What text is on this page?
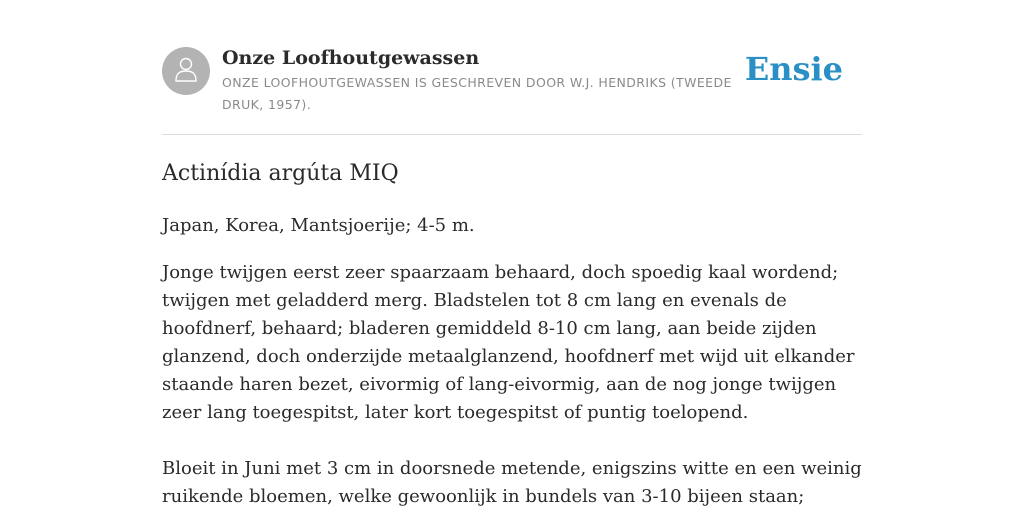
Onze Loofhoutgewassen

ONZE LOOFHOUTGEWASSEN IS GESCHREVEN DOOR W.J. HENDRIKS (TWEEDE DRUK, 1957).

Ensie
Actinídia argúta MIQ

Japan, Korea, Mantsjoerije; 4-5 m.

Jonge twijgen eerst zeer spaarzaam behaard, doch spoedig kaal wordend; twijgen met geladderd merg. Bladstelen tot 8 cm lang en evenals de hoofdnerf, behaard; bladeren gemiddeld 8-10 cm lang, aan beide zijden glanzend, doch onderzijde metaalglanzend, hoofdnerf met wijd uit elkander staande haren bezet, eivormig of lang-eivormig, aan de nog jonge twijgen zeer lang toegespitst, later kort toegespitst of puntig toelopend.

Bloeit in Juni met 3 cm in doorsnede metende, enigszins witte en een weinig ruikende bloemen, welke gewoonlijk in bundels van 3-10 bijeen staan;
